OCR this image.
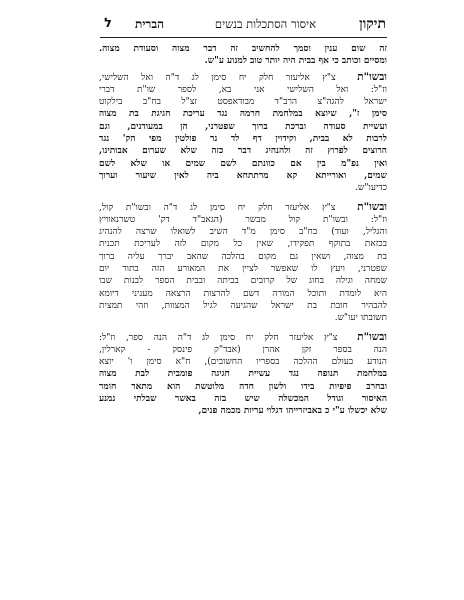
תיקון
איסור הסתכלות בנשים
הברית
ל
זה שום ענין וסמך להחשיב זה דבר מצוה וסעודת מצוה.
ומסיים וכותב כי אף בבית היה יותר טוב למנוע ע"ש.
ובשו"ת  צ"ץ אליעזר חלק יח סימן לג ד"ה ואל השלישי,
וז"ל: ואל השלישי אני בא, לספר שו"ת דברי
ישראל להגה"צ הרב"ד מבודאפסט זצ"ל בח"ב בילקוט
סימן ז", שיוצא במלחמת חרמה נגד עריכת חגיגת בת מצוה
ועשיית סעודה וברכת ברוך שפטרני, הן במעודנים, וגם
לרבות לא בבית, וקידוין דף לד נר פולטין מפי הק' נגד
הרוצים לפרוץ זה ולהנהיג דבר כזה שלא שערום אבותינו,
ואין נפ"מ בין אם כוונתם לשם שמים או שלא לשם
שמים, ואורייתא קא מרתתחא ביה לאין שיעור וערוך
כדיעו"ש.
ובשו"ת  צ"ץ אליעזר חלק יח סימן לג ד"ה ובשו"ת קול,
וז"ל: ובשו"ת קול מבשר (הגאב"ד דק' טשרנאוויץ
והגליל, ועוד) בח"ב סימן מ"ד השיב לשואלו שרצה להנהיג
בכזאת בתוקף תפקידו, שאין כל מקום לזה לעריכת תכנית
בת מצוה, ושאין גם מקום בהלכה שהאב יברך עליה ברוך
שפטרני, ויעץ לו שאפשר לציין את המאורע הזה בתור יום
שמחה וגילה בחוג של קרובים בביתה ובבית הספר לבנות שבו
היא לומדת ותוכל המורה דשם להרצות הרצאה מעניני דיומא
להבהיר חובת בת ישראל שהגיעה לגיל המצוות, וזהי תמצית
תשובתו יעו"ש.
ובשו"ת  צ"ץ אליעזר חלק יח סימן לג ד"ה הנה ספר, וז"ל:
הנה בספר זקן אהרן (אבד"ק פינסק - קארלין,
הנודע בעולם ההלכה בספריו החשובים), ח"א סימן ו' יוצא
במלחמת תנופה נגד עשיית חגיגה פומבית לבת מצוה
ובחרב פיפיות בידו ולשון חדה מלוטשת הוא מתאר חומר
האיסור וגודל המכשלה שיש בזה באשר שבלתי נמנע
שלא יכשלו ע"י כ באביזרייהו דגלוי עריות מכמה פנים,
